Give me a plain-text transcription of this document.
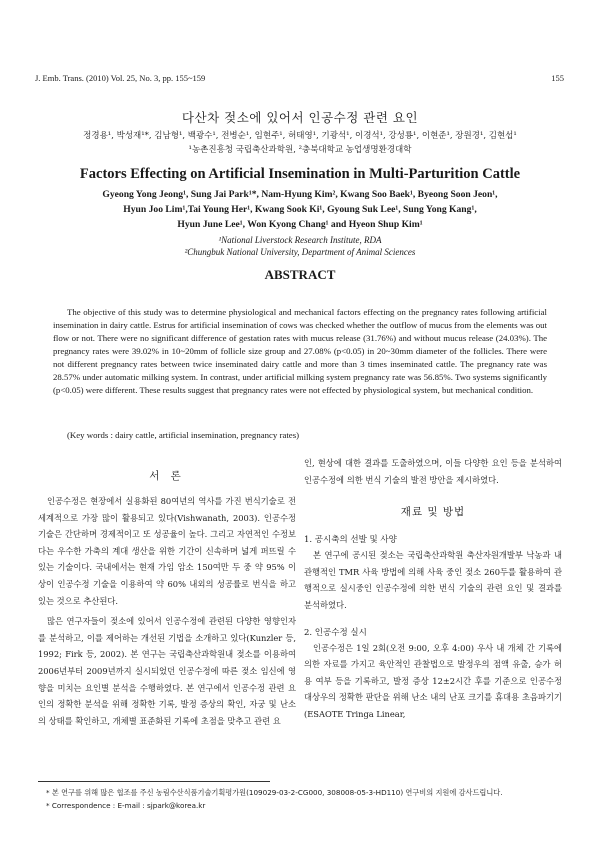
J. Emb. Trans. (2010) Vol. 25, No. 3, pp. 155~159	155
다산차 젖소에 있어서 인공수정 관련 요인
정경용¹, 박성재¹*, 김남형¹, 백광수¹, 전병순¹, 임현주¹, 허태영¹, 기광석¹, 이경석¹, 강성룡¹, 이현준¹, 장원경¹, 김현섭¹
¹농촌진흥청 국립축산과학원, ²충북대학교 농업생명환경대학
Factors Effecting on Artificial Insemination in Multi-Parturition Cattle
Gyeong Yong Jeong¹, Sung Jai Park¹*, Nam-Hyung Kim², Kwang Soo Baek¹, Byeong Soon Jeon¹,
Hyun Joo Lim¹,Tai Young Her¹, Kwang Sook Ki¹, Gyoung Suk Lee¹, Sung Yong Kang¹,
Hyun June Lee¹, Won Kyong Chang¹ and Hyeon Shup Kim¹
¹National Liverstock Research Institute, RDA
²Chungbuk National University, Department of Animal Sciences
ABSTRACT

The objective of this study was to determine physiological and mechanical factors effecting on the pregnancy rates following artificial insemination in dairy cattle. Estrus for artificial insemination of cows was checked whether the outflow of mucus from the elements was out flow or not. There were no significant difference of gestation rates with mucus release (31.76%) and without mucus release (24.03%). The pregnancy rates were 39.02% in 10~20mm of follicle size group and 27.08% (p<0.05) in 20~30mm diameter of the follicles. There were not different pregnancy rates between twice inseminated dairy cattle and more than 3 times inseminated cattle. The pregnancy rate was 28.57% under automatic milking system. In contrast, under artificial milking system pregnancy rate was 56.85%. Two systems significantly (p<0.05) were different. These results suggest that pregnancy rates were not effected by physiological system, but mechanical condition.

(Key words : dairy cattle, artificial insemination, pregnancy rates)

서 론

인공수정은 현장에서 실용화된 80여년의 역사를 가진 번식기술로 전 세계적으로 가장 많이 활용되고 있다(Vishwanath, 2003). 인공수정 기술은 간단하며 경제적이고 또 성공율이 높다. 그리고 자연적인 수정보다는 우수한 가축의 계대 생산을 위한 기간이 신속하며 넓게 퍼뜨릴 수 있는 기술이다. 국내에서는 현재 가임 암소 150여만 두 중 약 95% 이상이 인공수정 기술을 이용하여 약 60% 내외의 성공률로 번식을 하고 있는 것으로 추산된다.

많은 연구자들이 젖소에 있어서 인공수정에 관련된 다양한 영향인자를 분석하고, 이를 제어하는 개선된 기법을 소개하고 있다(Kunzler 등, 1992; Firk 등, 2002). 본 연구는 국립축산과학원내 젖소를 이용하여 2006년부터 2009년까지 실시되었던 인공수정에 따른 젖소 임신에 영향을 미치는 요인별 분석을 수행하였다. 본 연구에서 인공수정 관련 요인의 정확한 분석을 위해 정확한 기록, 발정 증상의 확인, 자궁 및 난소의 상태를 확인하고, 개체별 표준화된 기록에 초점을 맞추고 관련 요

인, 현상에 대한 결과를 도출하였으며, 이들 다양한 요인 등을 분석하여 인공수정에 의한 번식 기술의 발전 방안을 제시하였다.

재료 및 방법

1. 공시축의 선발 및 사양

본 연구에 공시된 젖소는 국립축산과학원 축산자원개발부 낙농과 내 관행적인 TMR 사육 방법에 의해 사육 중인 젖소 260두를 활용하여 관행적으로 실시중인 인공수정에 의한 번식 기술의 관련 요인 및 결과를 분석하였다.

2. 인공수정 실시

인공수정은 1일 2회(오전 9:00, 오후 4:00) 우사 내 개체 간 기록에 의한 자료를 가지고 육안적인 관찰법으로 발정우의 점액 유출, 승가 허용 여부 등을 기록하고, 발정 증상 12±2시간 후를 기준으로 인공수정 대상우의 정확한 판단을 위해 난소 내의 난포 크기를 휴대용 초음파기기(ESAOTE Tringa Linear,

* 본 연구를 위해 많은 협조를 주신 농림수산식품기술기획평가원(109029-03-2-CG000, 308008-05-3-HD110) 연구비의 지원에 감사드립니다.
* Correspondence : E-mail : sjpark@korea.kr
